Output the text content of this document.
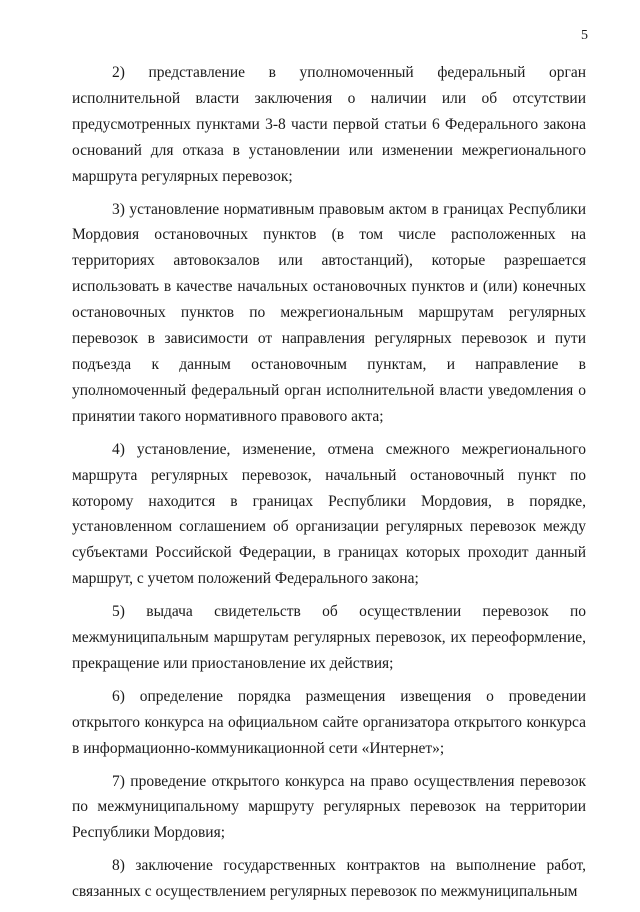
5

2) представление в уполномоченный федеральный орган исполнительной власти заключения о наличии или об отсутствии предусмотренных пунктами 3-8 части первой статьи 6 Федерального закона оснований для отказа в установлении или изменении межрегионального маршрута регулярных перевозок;

3) установление нормативным правовым актом в границах Республики Мордовия остановочных пунктов (в том числе расположенных на территориях автовокзалов или автостанций), которые разрешается использовать в качестве начальных остановочных пунктов и (или) конечных остановочных пунктов по межрегиональным маршрутам регулярных перевозок в зависимости от направления регулярных перевозок и пути подъезда к данным остановочным пунктам, и направление в уполномоченный федеральный орган исполнительной власти уведомления о принятии такого нормативного правового акта;

4) установление, изменение, отмена смежного межрегионального маршрута регулярных перевозок, начальный остановочный пункт по которому находится в границах Республики Мордовия, в порядке, установленном соглашением об организации регулярных перевозок между субъектами Российской Федерации, в границах которых проходит данный маршрут, с учетом положений Федерального закона;

5) выдача свидетельств об осуществлении перевозок по межмуниципальным маршрутам регулярных перевозок, их переоформление, прекращение или приостановление их действия;

6) определение порядка размещения извещения о проведении открытого конкурса на официальном сайте организатора открытого конкурса в информационно-коммуникационной сети «Интернет»;

7) проведение открытого конкурса на право осуществления перевозок по межмуниципальному маршруту регулярных перевозок на территории Республики Мордовия;

8) заключение государственных контрактов на выполнение работ, связанных с осуществлением регулярных перевозок по межмуниципальным
